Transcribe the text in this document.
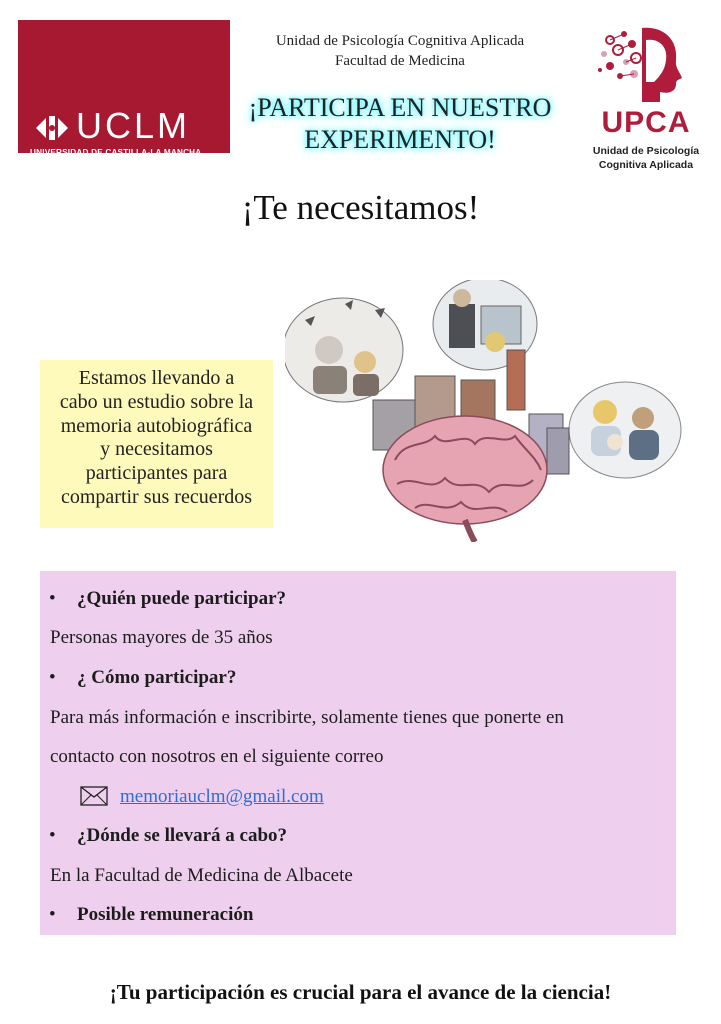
UCLM
UNIVERSIDAD DE CASTILLA-LA MANCHA
Unidad de Psicología Cognitiva Aplicada
Facultad de Medicina
¡PARTICIPA EN NUESTRO
EXPERIMENTO!
UPCA
Unidad de Psicología
Cognitiva Aplicada
¡Te necesitamos!
Estamos llevando a
cabo un estudio sobre la
memoria autobiográfica
y necesitamos
participantes para
compartir sus recuerdos
• ¿Quién puede participar?
Personas mayores de 35 años
• ¿ Cómo participar?
Para más información e inscribirte, solamente tienes que ponerte en
contacto con nosotros en el siguiente correo
memoriauclm@gmail.com
• ¿Dónde se llevará a cabo?
En la Facultad de Medicina de Albacete
• Posible remuneración
¡Tu participación es crucial para el avance de la ciencia!
